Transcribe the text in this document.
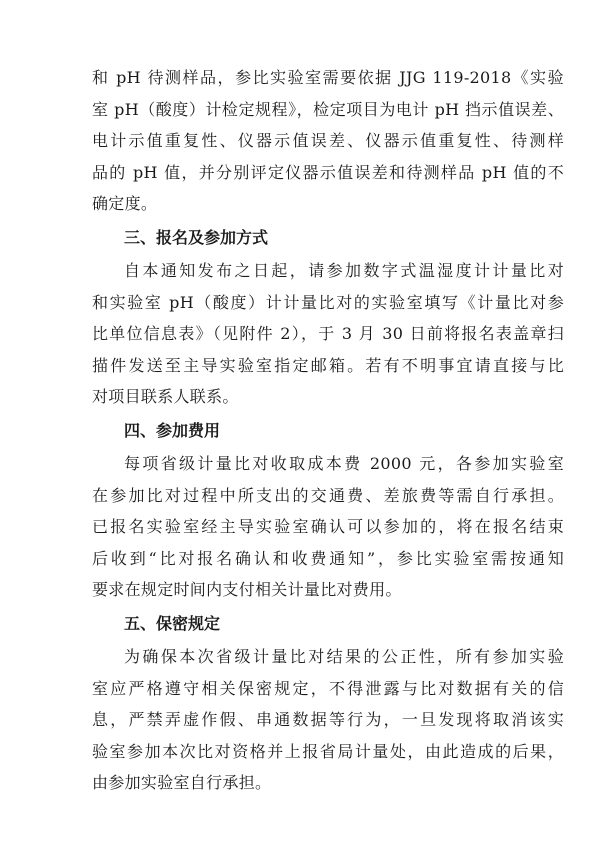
和 pH 待测样品，参比实验室需要依据 JJG 119-2018《实验
室 pH（酸度）计检定规程》，检定项目为电计 pH 挡示值误差、
电计示值重复性、仪器示值误差、仪器示值重复性、待测样
品的 pH 值，并分别评定仪器示值误差和待测样品 pH 值的不
确定度。
三、报名及参加方式
自本通知发布之日起，请参加数字式温湿度计计量比对
和实验室 pH（酸度）计计量比对的实验室填写《计量比对参
比单位信息表》（见附件 2），于 3 月 30 日前将报名表盖章扫
描件发送至主导实验室指定邮箱。若有不明事宜请直接与比
对项目联系人联系。
四、参加费用
每项省级计量比对收取成本费 2000 元，各参加实验室
在参加比对过程中所支出的交通费、差旅费等需自行承担。
已报名实验室经主导实验室确认可以参加的，将在报名结束
后收到“比对报名确认和收费通知”，参比实验室需按通知
要求在规定时间内支付相关计量比对费用。
五、保密规定
为确保本次省级计量比对结果的公正性，所有参加实验
室应严格遵守相关保密规定，不得泄露与比对数据有关的信
息，严禁弄虚作假、串通数据等行为，一旦发现将取消该实
验室参加本次比对资格并上报省局计量处，由此造成的后果，
由参加实验室自行承担。
